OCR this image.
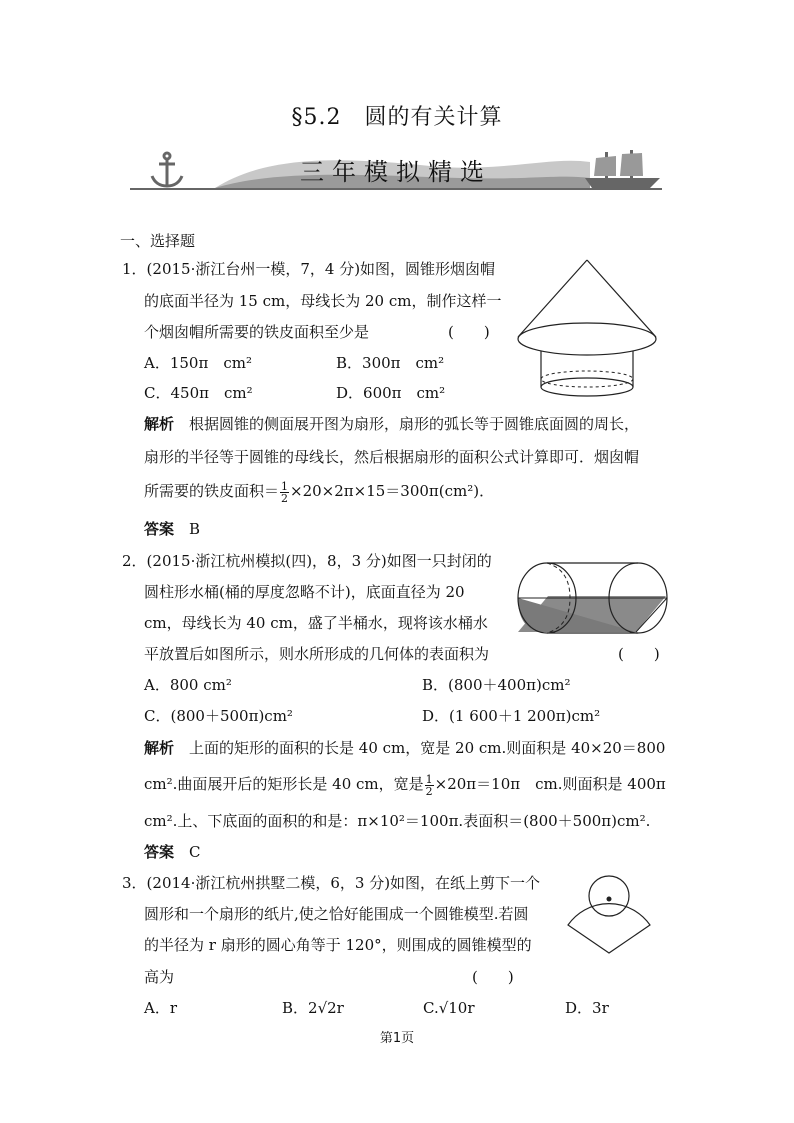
§5.2　圆的有关计算
三年模拟精选
一、选择题
1．(2015·浙江台州一模，7，4 分)如图，圆锥形烟囱帽
的底面半径为 15 cm，母线长为 20 cm，制作这样一
个烟囱帽所需要的铁皮面积至少是	(　　)
A．150π　cm²	B．300π　cm²
C．450π　cm²	D．600π　cm²
解析　 根据圆锥的侧面展开图为扇形，扇形的弧长等于圆锥底面圆的周长，
扇形的半径等于圆锥的母线长，然后根据扇形的面积公式计算即可．烟囱帽
所需要的铁皮面积＝ $\frac{1}{2} \times 20\times 2\pi\times 15=300\pi(cm^2)$．
答案　 B
2．(2015·浙江杭州模拟(四)，8，3 分)如图一只封闭的
圆柱形水桶(桶的厚度忽略不计)，底面直径为 20
cm，母线长为 40 cm，盛了半桶水，现将该水桶水
平放置后如图所示，则水所形成的几何体的表面积为	(　　)
A．800 cm²	B．(800＋400π)cm²
C．(800＋500π)cm²	D．(1 600＋1 200π)cm²
解析　 上面的矩形的面积的长是 40 cm，宽是 20 cm.则面积是 40×20＝800
cm².曲面展开后的矩形长是 40 cm，宽是 $\frac{1}{2} \times 20\pi=10\pi$　cm.则面积是 400π
cm².上、下底面的面积的和是：π×10²＝100π.表面积＝(800＋500π)cm².
答案　 C
3．(2014·浙江杭州拱墅二模，6，3 分)如图，在纸上剪下一个
圆形和一个扇形的纸片,使之恰好能围成一个圆锥模型.若圆
的半径为 r 扇形的圆心角等于 120°，则围成的圆锥模型的
高为	(　　)
A．r	B．2√2r	C.√10r	D．3r
第1页
